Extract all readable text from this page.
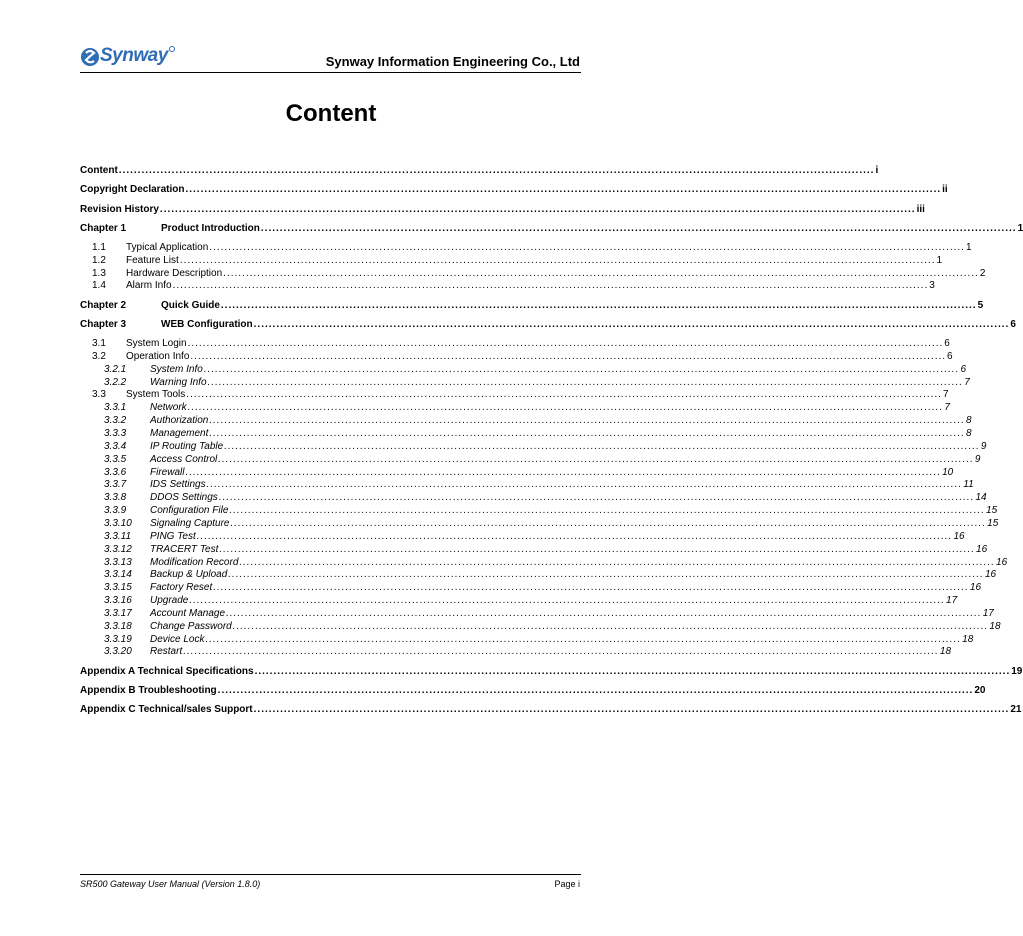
Synway	Synway Information Engineering Co., Ltd
Content
Content ........................................................................................................................................................................................................ i
Copyright Declaration ........................................................................................................................................................................................................ ii
Revision History ........................................................................................................................................................................................................ iii
Chapter 1	Product Introduction ........................................................................................................................................................................................................ 1
1.1	Typical Application ........................................................................................................................................................................................................ 1
1.2	Feature List ........................................................................................................................................................................................................ 1
1.3	Hardware Description ........................................................................................................................................................................................................ 2
1.4	Alarm Info ........................................................................................................................................................................................................ 3
Chapter 2	Quick Guide ........................................................................................................................................................................................................ 5
Chapter 3	WEB Configuration ........................................................................................................................................................................................................ 6
3.1	System Login ........................................................................................................................................................................................................ 6
3.2	Operation Info ........................................................................................................................................................................................................ 6
3.2.1	System Info ........................................................................................................................................................................................................ 6
3.2.2	Warning Info ........................................................................................................................................................................................................ 7
3.3	System Tools ........................................................................................................................................................................................................ 7
3.3.1	Network ........................................................................................................................................................................................................ 7
3.3.2	Authorization ........................................................................................................................................................................................................ 8
3.3.3	Management ........................................................................................................................................................................................................ 8
3.3.4	IP Routing Table ........................................................................................................................................................................................................ 9
3.3.5	Access Control ........................................................................................................................................................................................................ 9
3.3.6	Firewall ........................................................................................................................................................................................................ 10
3.3.7	IDS Settings ........................................................................................................................................................................................................ 11
3.3.8	DDOS Settings ........................................................................................................................................................................................................ 14
3.3.9	Configuration File ........................................................................................................................................................................................................ 15
3.3.10	Signaling Capture ........................................................................................................................................................................................................ 15
3.3.11	PING Test ........................................................................................................................................................................................................ 16
3.3.12	TRACERT Test ........................................................................................................................................................................................................ 16
3.3.13	Modification Record ........................................................................................................................................................................................................ 16
3.3.14	Backup & Upload ........................................................................................................................................................................................................ 16
3.3.15	Factory Reset ........................................................................................................................................................................................................ 16
3.3.16	Upgrade ........................................................................................................................................................................................................ 17
3.3.17	Account Manage ........................................................................................................................................................................................................ 17
3.3.18	Change Password ........................................................................................................................................................................................................ 18
3.3.19	Device Lock ........................................................................................................................................................................................................ 18
3.3.20	Restart ........................................................................................................................................................................................................ 18
Appendix A Technical Specifications ........................................................................................................................................................................................................ 19
Appendix B Troubleshooting ........................................................................................................................................................................................................ 20
Appendix C Technical/sales Support ........................................................................................................................................................................................................ 21
SR500 Gateway User Manual (Version 1.8.0)	Page i
